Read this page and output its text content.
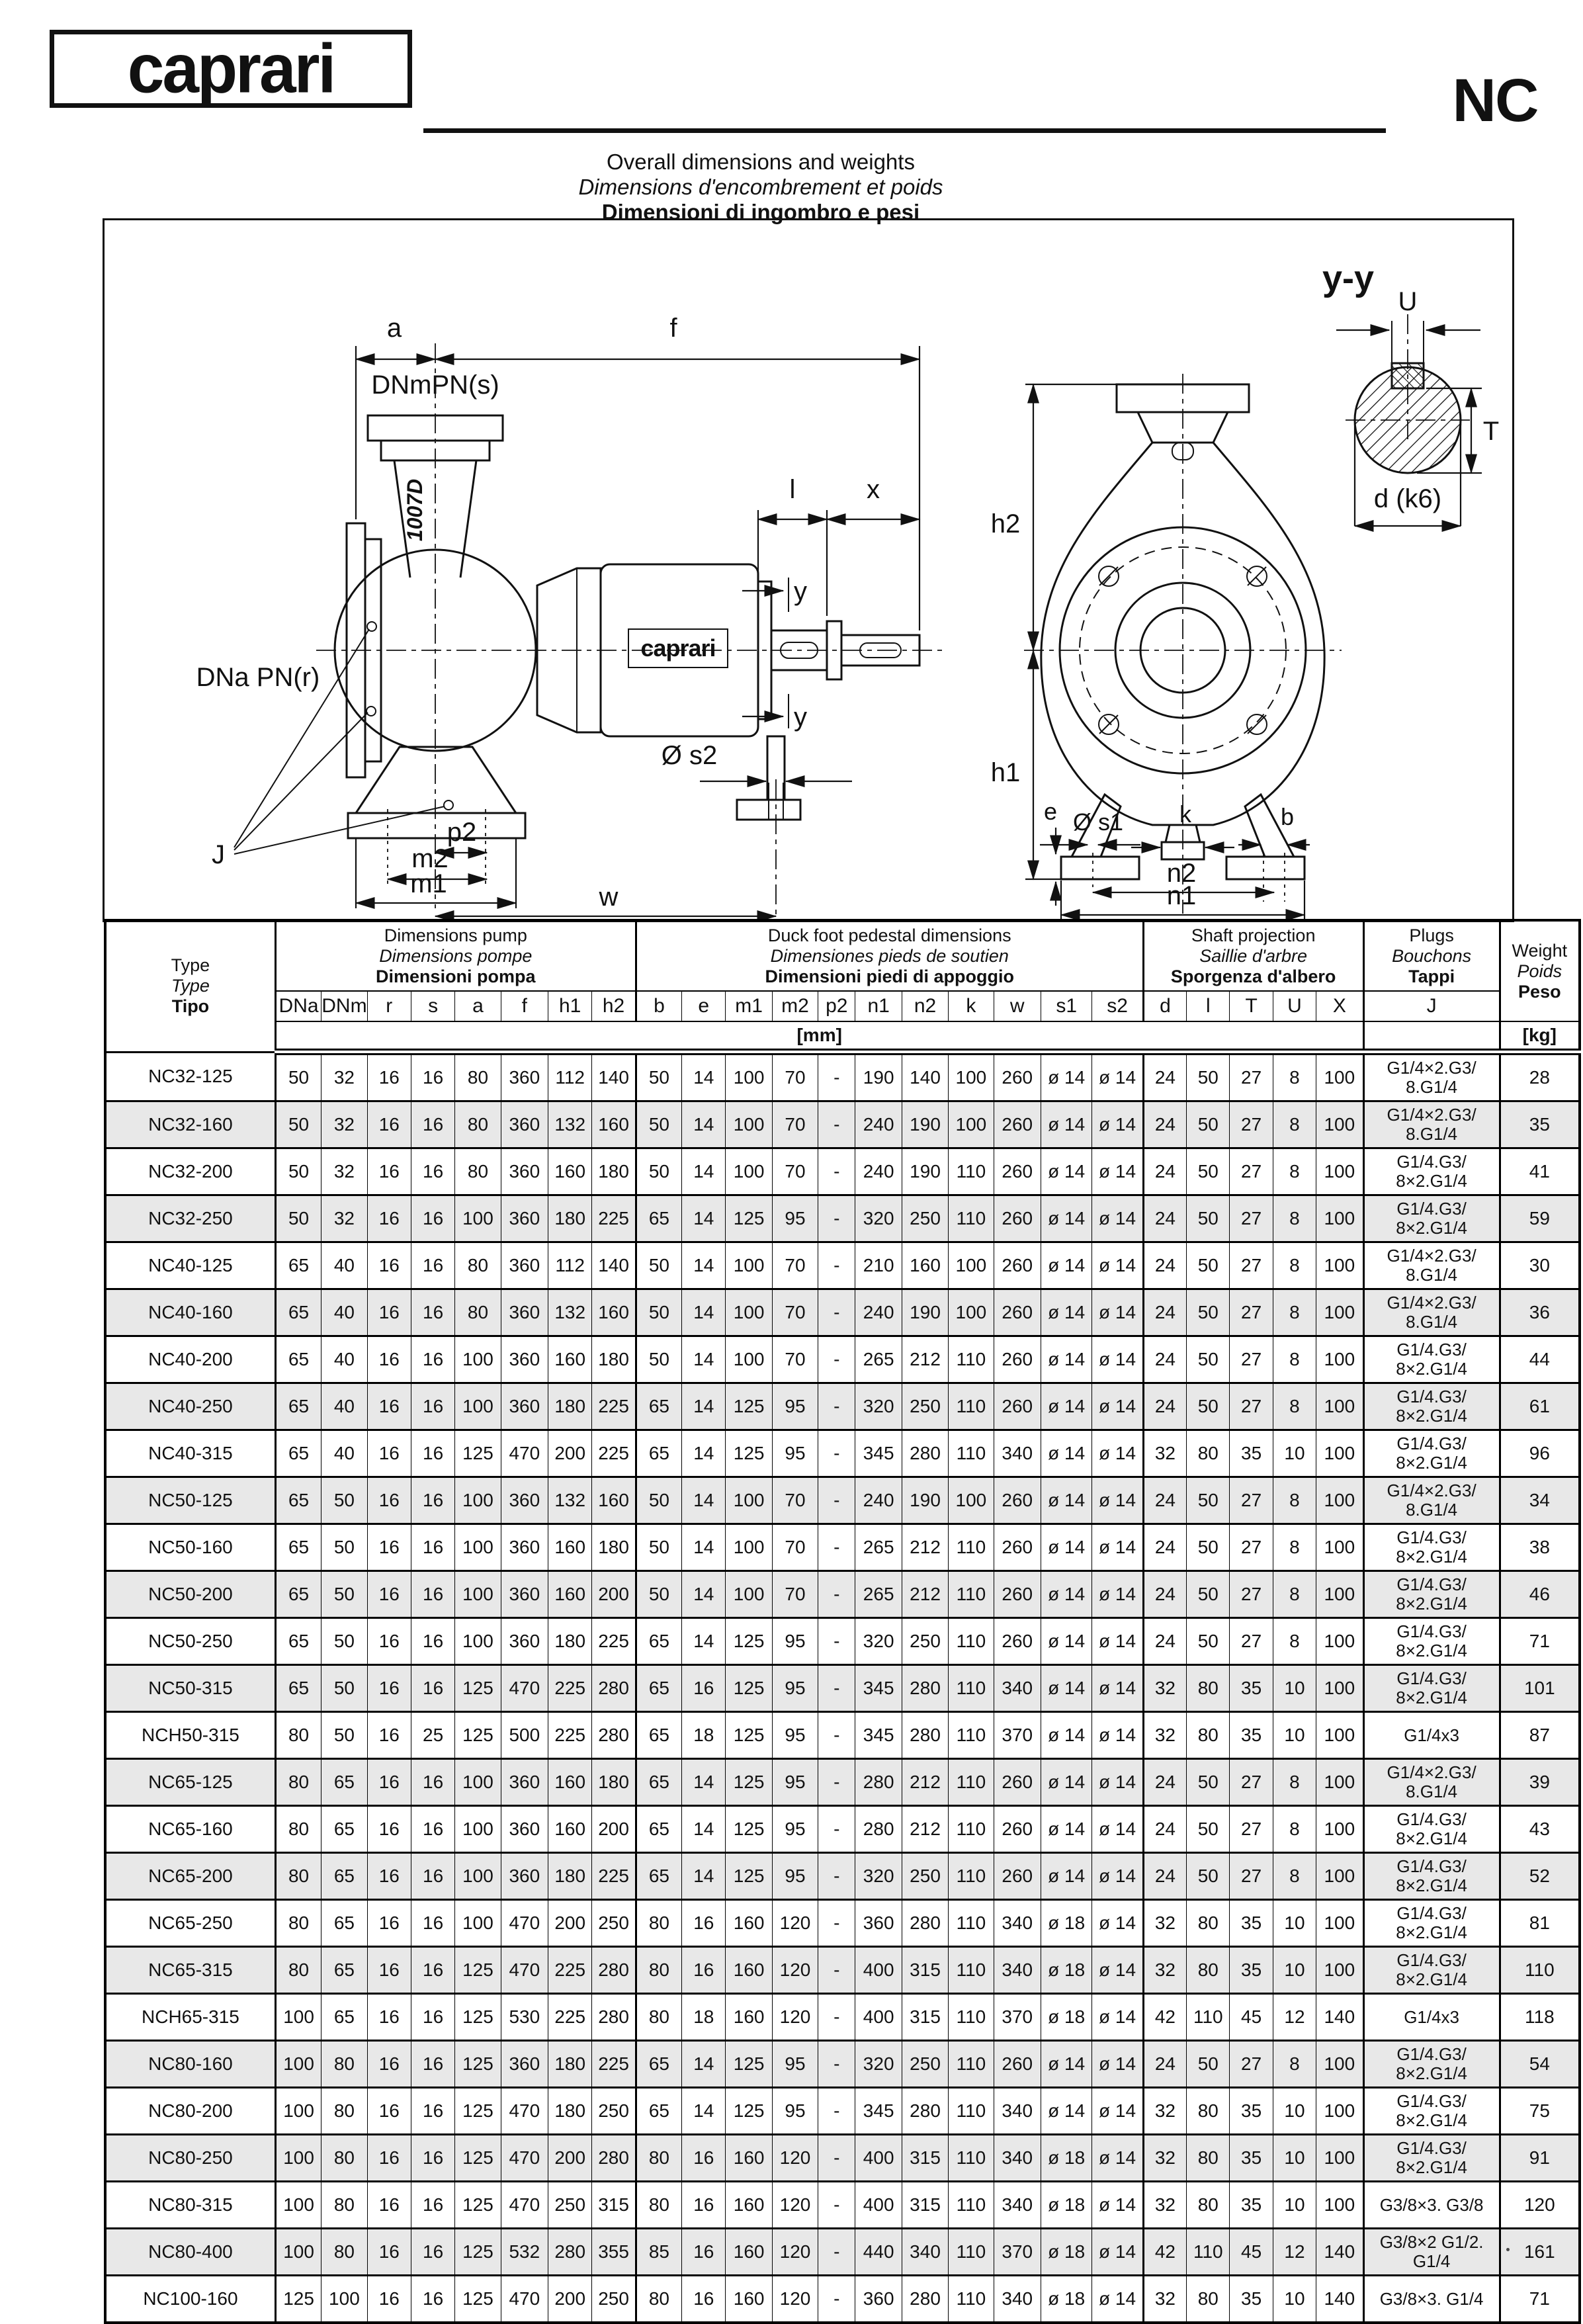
caprari
Overall dimensions and weights
Dimensions d'encombrement et poids
Dimensioni di ingombro e pesi
NC
caprari
a	f
DNmPN(s)
1007D
DNa PN(r)
J
l	x
y
y
Ø s2
p2
m2
m1	w
h2
h1
e Ø s1 k	b
n2
n1
y-y
U
T
d (k6)
Type
Type
Tipo

Dimensions pump
Dimensions pompe
Dimensioni pompa

Duck foot pedestal dimensions
Dimensiones pieds de soutien
Dimensioni piedi di appoggio

Shaft projection
Saillie d'arbre
Sporgenza d'albero

Plugs
Bouchons
Tappi

Weight
Poids
Peso

	DNa	DNm	r	s	a	f	h1	h2	b	e	m1	m2	p2	n1	n2	k	w	s1	s2	d	l	T	U	X	J	
	[mm]																									[kg]
NC32-125	50	32	16	16	80	360	112	140	50	14	100	70	-	190	140	100	260	ø 14	ø 14	24	50	27	8	100	G1/4×2.G3/ 8.G1/4	28
NC32-160	50	32	16	16	80	360	132	160	50	14	100	70	-	240	190	100	260	ø 14	ø 14	24	50	27	8	100	G1/4×2.G3/ 8.G1/4	35
NC32-200	50	32	16	16	80	360	160	180	50	14	100	70	-	240	190	110	260	ø 14	ø 14	24	50	27	8	100	G1/4.G3/ 8×2.G1/4	41
NC32-250	50	32	16	16	100	360	180	225	65	14	125	95	-	320	250	110	260	ø 14	ø 14	24	50	27	8	100	G1/4.G3/ 8×2.G1/4	59
NC40-125	65	40	16	16	80	360	112	140	50	14	100	70	-	210	160	100	260	ø 14	ø 14	24	50	27	8	100	G1/4×2.G3/ 8.G1/4	30
NC40-160	65	40	16	16	80	360	132	160	50	14	100	70	-	240	190	100	260	ø 14	ø 14	24	50	27	8	100	G1/4×2.G3/ 8.G1/4	36
NC40-200	65	40	16	16	100	360	160	180	50	14	100	70	-	265	212	110	260	ø 14	ø 14	24	50	27	8	100	G1/4.G3/ 8×2.G1/4	44
NC40-250	65	40	16	16	100	360	180	225	65	14	125	95	-	320	250	110	260	ø 14	ø 14	24	50	27	8	100	G1/4.G3/ 8×2.G1/4	61
NC40-315	65	40	16	16	125	470	200	225	65	14	125	95	-	345	280	110	340	ø 14	ø 14	32	80	35	10	100	G1/4.G3/ 8×2.G1/4	96
NC50-125	65	50	16	16	100	360	132	160	50	14	100	70	-	240	190	100	260	ø 14	ø 14	24	50	27	8	100	G1/4×2.G3/ 8.G1/4	34
NC50-160	65	50	16	16	100	360	160	180	50	14	100	70	-	265	212	110	260	ø 14	ø 14	24	50	27	8	100	G1/4.G3/ 8×2.G1/4	38
NC50-200	65	50	16	16	100	360	160	200	50	14	100	70	-	265	212	110	260	ø 14	ø 14	24	50	27	8	100	G1/4.G3/ 8×2.G1/4	46
NC50-250	65	50	16	16	100	360	180	225	65	14	125	95	-	320	250	110	260	ø 14	ø 14	24	50	27	8	100	G1/4.G3/ 8×2.G1/4	71
NC50-315	65	50	16	16	125	470	225	280	65	16	125	95	-	345	280	110	340	ø 14	ø 14	32	80	35	10	100	G1/4.G3/ 8×2.G1/4	101
NCH50-315	80	50	16	25	125	500	225	280	65	18	125	95	-	345	280	110	370	ø 14	ø 14	32	80	35	10	100	G1/4x3	87
NC65-125	80	65	16	16	100	360	160	180	65	14	125	95	-	280	212	110	260	ø 14	ø 14	24	50	27	8	100	G1/4×2.G3/ 8.G1/4	39
NC65-160	80	65	16	16	100	360	160	200	65	14	125	95	-	280	212	110	260	ø 14	ø 14	24	50	27	8	100	G1/4.G3/ 8×2.G1/4	43
NC65-200	80	65	16	16	100	360	180	225	65	14	125	95	-	320	250	110	260	ø 14	ø 14	24	50	27	8	100	G1/4.G3/ 8×2.G1/4	52
NC65-250	80	65	16	16	100	470	200	250	80	16	160	120	-	360	280	110	340	ø 18	ø 14	32	80	35	10	100	G1/4.G3/ 8×2.G1/4	81
NC65-315	80	65	16	16	125	470	225	280	80	16	160	120	-	400	315	110	340	ø 18	ø 14	32	80	35	10	100	G1/4.G3/ 8×2.G1/4	110
NCH65-315	100	65	16	16	125	530	225	280	80	18	160	120	-	400	315	110	370	ø 18	ø 14	42	110	45	12	140	G1/4x3	118
NC80-160	100	80	16	16	125	360	180	225	65	14	125	95	-	320	250	110	260	ø 14	ø 14	24	50	27	8	100	G1/4.G3/ 8×2.G1/4	54
NC80-200	100	80	16	16	125	470	180	250	65	14	125	95	-	345	280	110	340	ø 14	ø 14	32	80	35	10	100	G1/4.G3/ 8×2.G1/4	75
NC80-250	100	80	16	16	125	470	200	280	80	16	160	120	-	400	315	110	340	ø 18	ø 14	32	80	35	10	100	G1/4.G3/ 8×2.G1/4	91
NC80-315	100	80	16	16	125	470	250	315	80	16	160	120	-	400	315	110	340	ø 18	ø 14	32	80	35	10	100	G3/8×3. G3/8	120
NC80-400	100	80	16	16	125	532	280	355	85	16	160	120	-	440	340	110	370	ø 18	ø 14	42	110	45	12	140	G3/8×2 G1/2. G1/4	161
NC100-160	125	100	16	16	125	470	200	250	80	16	160	120	-	360	280	110	340	ø 18	ø 14	32	80	35	10	140	G3/8×3. G1/4	71
